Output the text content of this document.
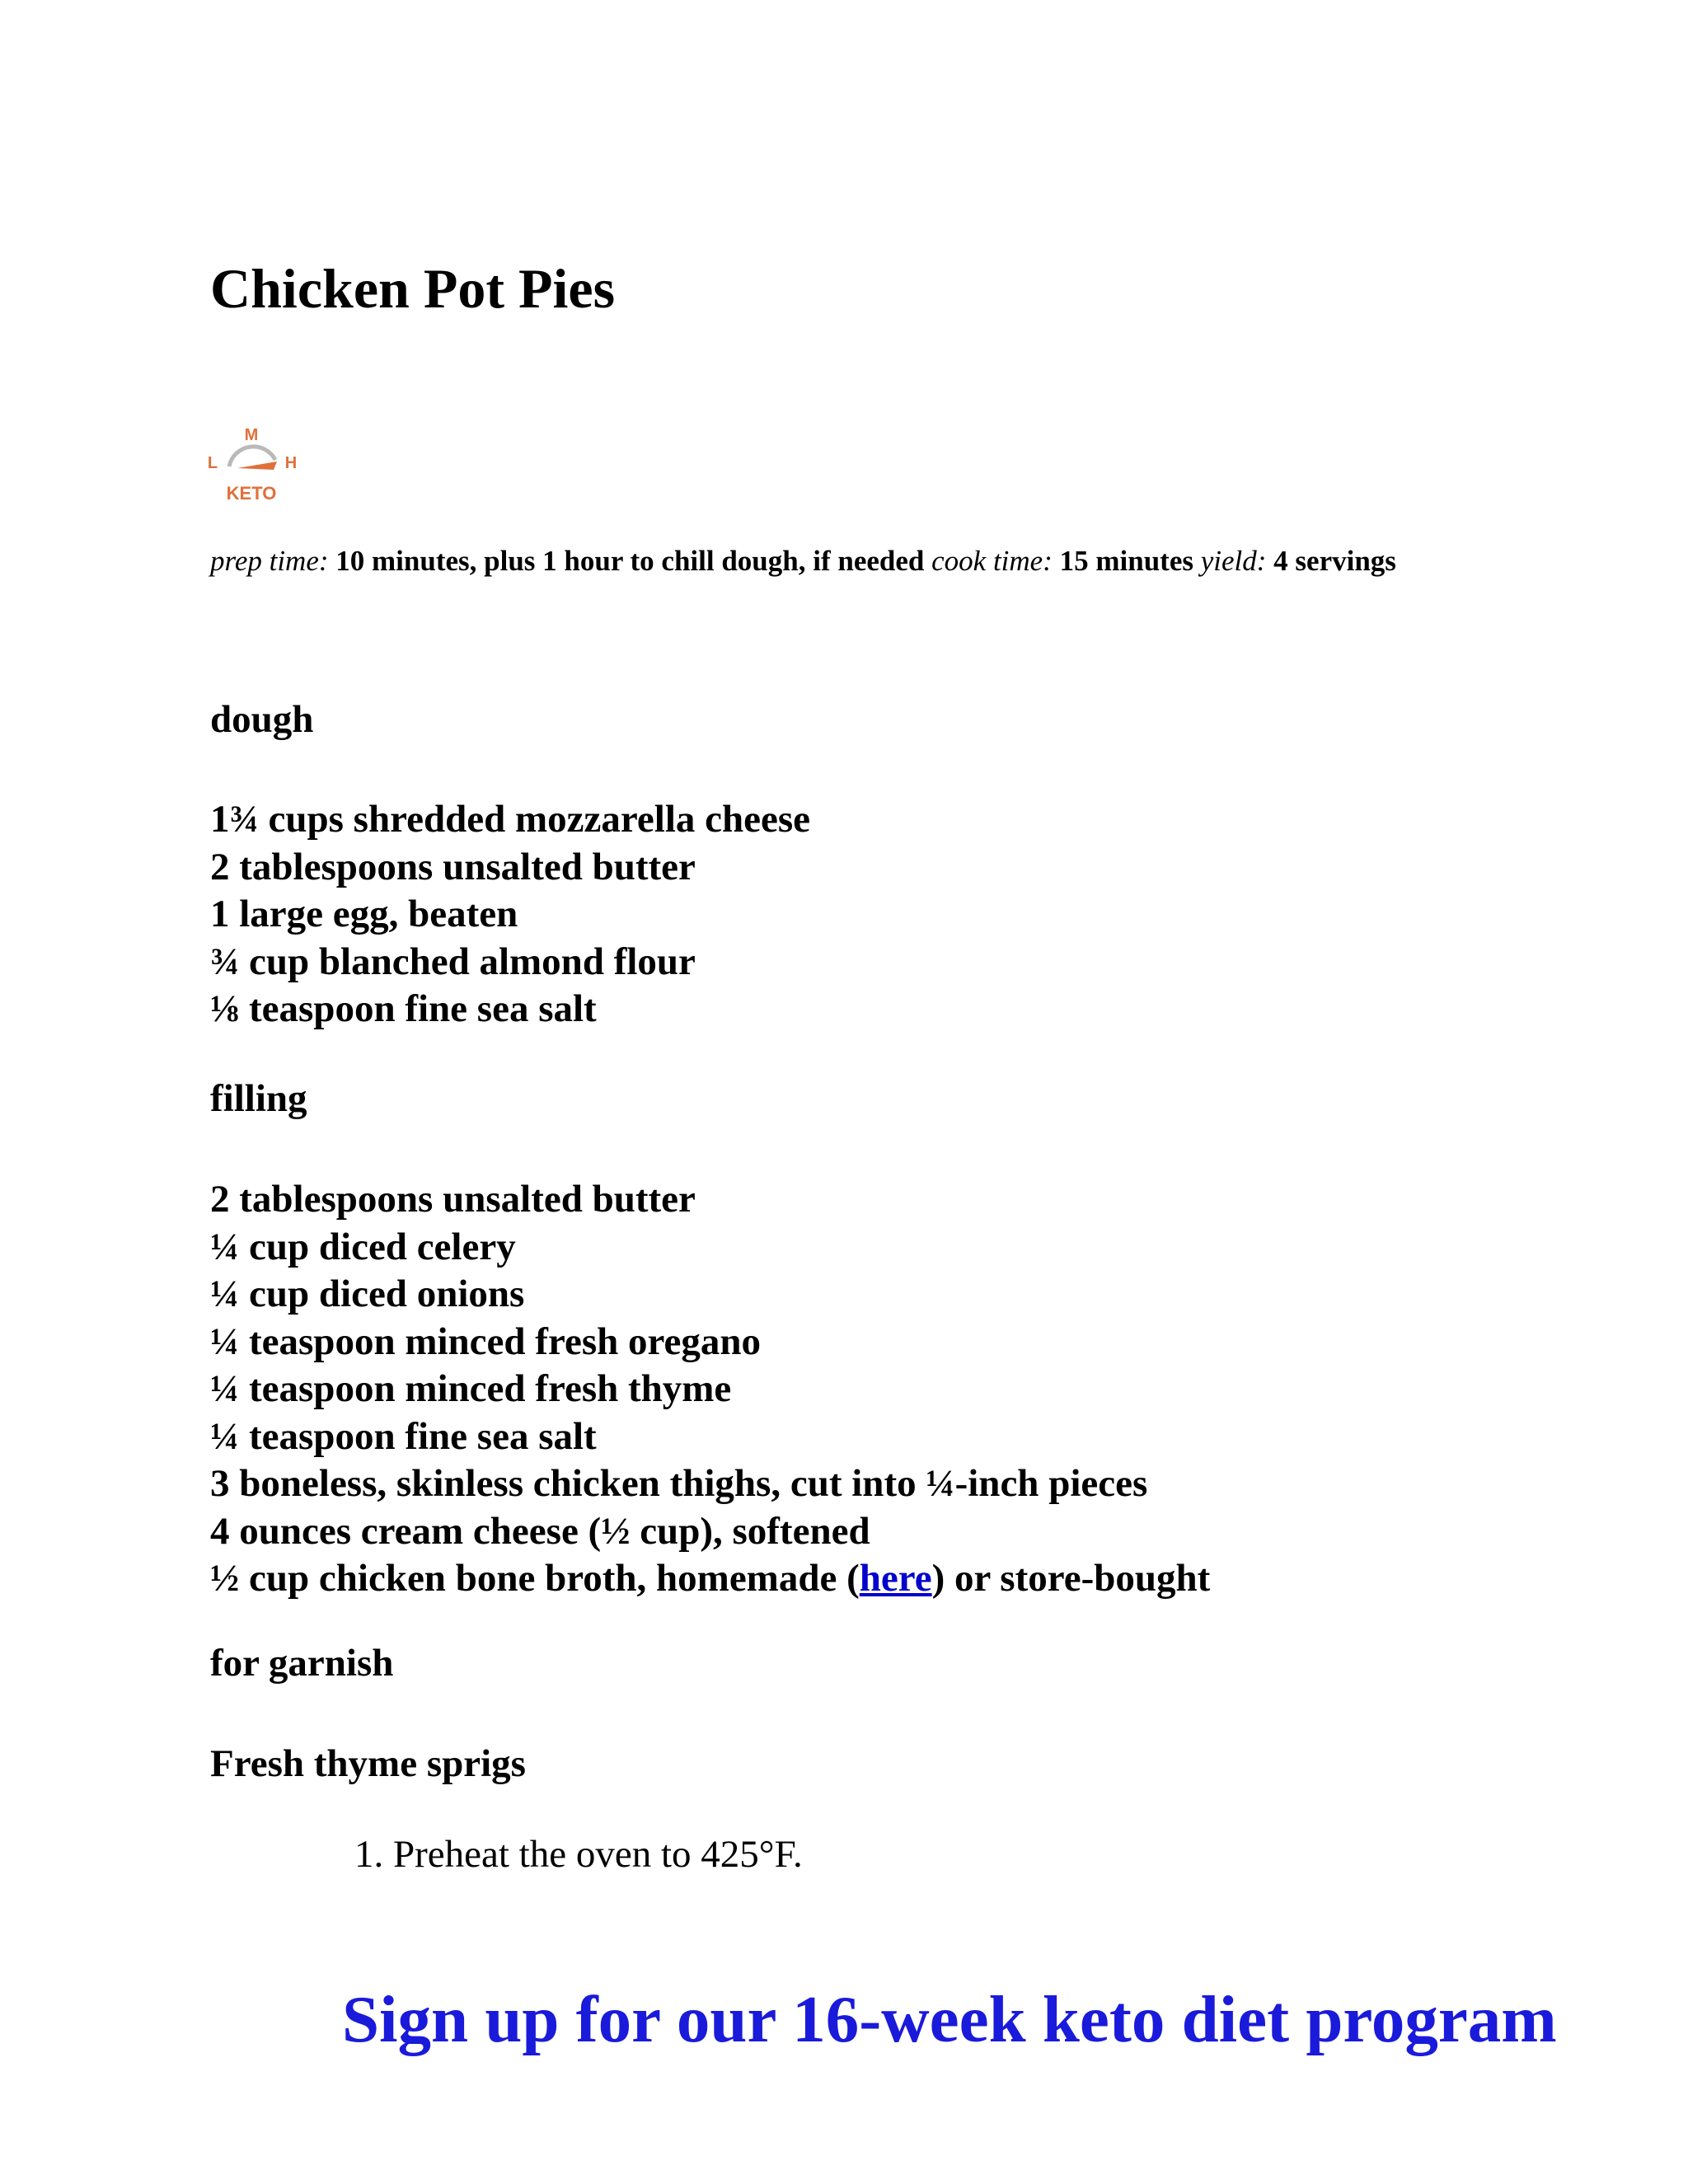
Chicken Pot Pies
M
L	H
KETO

prep time: 10 minutes, plus 1 hour to chill dough, if needed cook time: 15 minutes yield: 4 servings

dough
1¾ cups shredded mozzarella cheese
2 tablespoons unsalted butter
1 large egg, beaten
¾ cup blanched almond flour
⅛ teaspoon fine sea salt
filling
2 tablespoons unsalted butter
¼ cup diced celery
¼ cup diced onions
¼ teaspoon minced fresh oregano
¼ teaspoon minced fresh thyme
¼ teaspoon fine sea salt
3 boneless, skinless chicken thighs, cut into ¼-inch pieces
4 ounces cream cheese (½ cup), softened
½ cup chicken bone broth, homemade (here) or store-bought
for garnish
Fresh thyme sprigs
1. Preheat the oven to 425°F.
Sign up for our 16-week keto diet program
